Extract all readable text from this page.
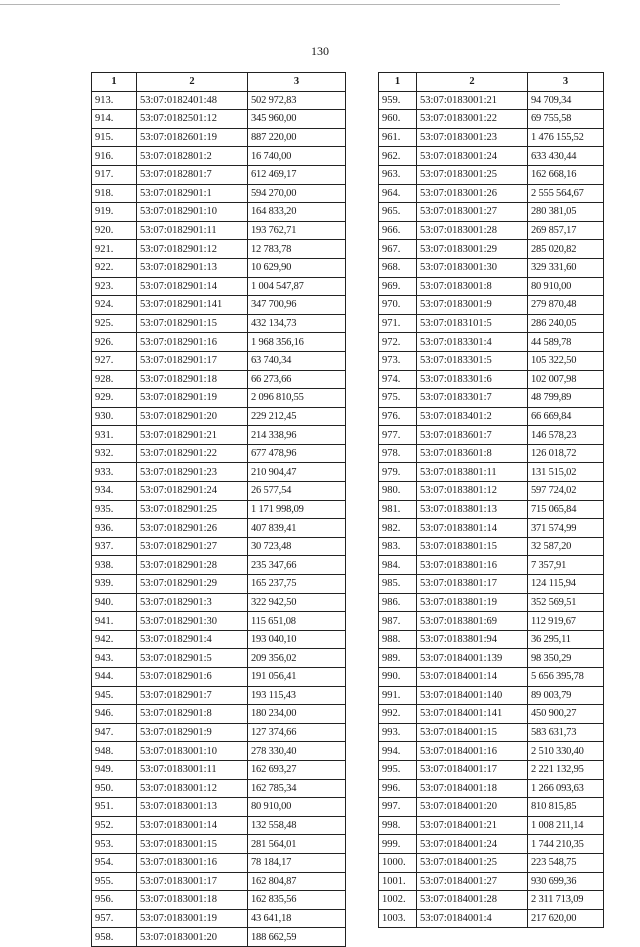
130
1	2	3
913.	53:07:0182401:48	502 972,83
914.	53:07:0182501:12	345 960,00
915.	53:07:0182601:19	887 220,00
916.	53:07:0182801:2	16 740,00
917.	53:07:0182801:7	612 469,17
918.	53:07:0182901:1	594 270,00
919.	53:07:0182901:10	164 833,20
920.	53:07:0182901:11	193 762,71
921.	53:07:0182901:12	12 783,78
922.	53:07:0182901:13	10 629,90
923.	53:07:0182901:14	1 004 547,87
924.	53:07:0182901:141	347 700,96
925.	53:07:0182901:15	432 134,73
926.	53:07:0182901:16	1 968 356,16
927.	53:07:0182901:17	63 740,34
928.	53:07:0182901:18	66 273,66
929.	53:07:0182901:19	2 096 810,55
930.	53:07:0182901:20	229 212,45
931.	53:07:0182901:21	214 338,96
932.	53:07:0182901:22	677 478,96
933.	53:07:0182901:23	210 904,47
934.	53:07:0182901:24	26 577,54
935.	53:07:0182901:25	1 171 998,09
936.	53:07:0182901:26	407 839,41
937.	53:07:0182901:27	30 723,48
938.	53:07:0182901:28	235 347,66
939.	53:07:0182901:29	165 237,75
940.	53:07:0182901:3	322 942,50
941.	53:07:0182901:30	115 651,08
942.	53:07:0182901:4	193 040,10
943.	53:07:0182901:5	209 356,02
944.	53:07:0182901:6	191 056,41
945.	53:07:0182901:7	193 115,43
946.	53:07:0182901:8	180 234,00
947.	53:07:0182901:9	127 374,66
948.	53:07:0183001:10	278 330,40
949.	53:07:0183001:11	162 693,27
950.	53:07:0183001:12	162 785,34
951.	53:07:0183001:13	80 910,00
952.	53:07:0183001:14	132 558,48
953.	53:07:0183001:15	281 564,01
954.	53:07:0183001:16	78 184,17
955.	53:07:0183001:17	162 804,87
956.	53:07:0183001:18	162 835,56
957.	53:07:0183001:19	43 641,18
958.	53:07:0183001:20	188 662,59
1	2	3
959.	53:07:0183001:21	94 709,34
960.	53:07:0183001:22	69 755,58
961.	53:07:0183001:23	1 476 155,52
962.	53:07:0183001:24	633 430,44
963.	53:07:0183001:25	162 668,16
964.	53:07:0183001:26	2 555 564,67
965.	53:07:0183001:27	280 381,05
966.	53:07:0183001:28	269 857,17
967.	53:07:0183001:29	285 020,82
968.	53:07:0183001:30	329 331,60
969.	53:07:0183001:8	80 910,00
970.	53:07:0183001:9	279 870,48
971.	53:07:0183101:5	286 240,05
972.	53:07:0183301:4	44 589,78
973.	53:07:0183301:5	105 322,50
974.	53:07:0183301:6	102 007,98
975.	53:07:0183301:7	48 799,89
976.	53:07:0183401:2	66 669,84
977.	53:07:0183601:7	146 578,23
978.	53:07:0183601:8	126 018,72
979.	53:07:0183801:11	131 515,02
980.	53:07:0183801:12	597 724,02
981.	53:07:0183801:13	715 065,84
982.	53:07:0183801:14	371 574,99
983.	53:07:0183801:15	32 587,20
984.	53:07:0183801:16	7 357,91
985.	53:07:0183801:17	124 115,94
986.	53:07:0183801:19	352 569,51
987.	53:07:0183801:69	112 919,67
988.	53:07:0183801:94	36 295,11
989.	53:07:0184001:139	98 350,29
990.	53:07:0184001:14	5 656 395,78
991.	53:07:0184001:140	89 003,79
992.	53:07:0184001:141	450 900,27
993.	53:07:0184001:15	583 631,73
994.	53:07:0184001:16	2 510 330,40
995.	53:07:0184001:17	2 221 132,95
996.	53:07:0184001:18	1 266 093,63
997.	53:07:0184001:20	810 815,85
998.	53:07:0184001:21	1 008 211,14
999.	53:07:0184001:24	1 744 210,35
1000.	53:07:0184001:25	223 548,75
1001.	53:07:0184001:27	930 699,36
1002.	53:07:0184001:28	2 311 713,09
1003.	53:07:0184001:4	217 620,00
